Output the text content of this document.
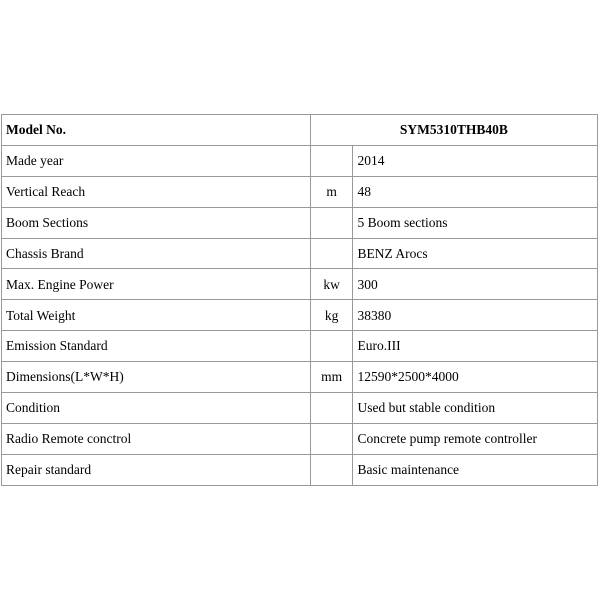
Model No.	SYM5310THB40B	
Made year		2014
Vertical Reach	m	48
Boom Sections		5 Boom sections
Chassis Brand		BENZ Arocs
Max. Engine Power	kw	300
Total Weight	kg	38380
Emission Standard		Euro.III
Dimensions(L*W*H)	mm	12590*2500*4000
Condition		Used but stable condition
Radio Remote conctrol		Concrete pump remote controller
Repair standard		Basic maintenance
